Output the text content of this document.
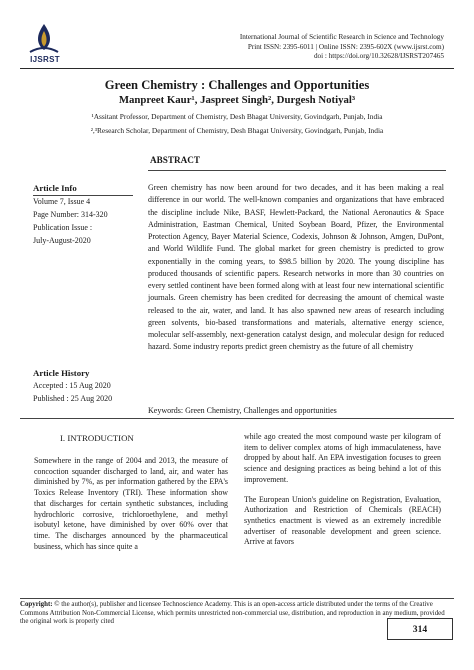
IJSRST
International Journal of Scientific Research in Science and Technology
Print ISSN: 2395-6011 | Online ISSN: 2395-602X (www.ijsrst.com)
doi : https://doi.org/10.32628/IJSRST207465
Green Chemistry : Challenges and Opportunities
Manpreet Kaur¹, Jaspreet Singh², Durgesh Notiyal³
¹Assitant Professor, Department of Chemistry, Desh Bhagat University, Govindgarh, Punjab, India
²,³Research Scholar, Department of Chemistry, Desh Bhagat University, Govindgarh, Punjab, India
ABSTRACT
Article Info
Volume 7, Issue 4
Page Number: 314-320
Publication Issue :
July-August-2020
Article History
Accepted : 15 Aug 2020
Published : 25 Aug 2020
Green chemistry has now been around for two decades, and it has been making a real difference in our world. The well-known companies and organizations that have embraced the discipline include Nike, BASF, Hewlett-Packard, the National Aeronautics & Space Administration, Eastman Chemical, United Soybean Board, Pfizer, the Environmental Protection Agency, Bayer Material Science, Codexis, Johnson & Johnson, Amgen, DuPont, and World Wildlife Fund. The global market for green chemistry is predicted to grow exponentially in the coming years, to $98.5 billion by 2020. The young discipline has produced thousands of scientific papers. Research networks in more than 30 countries on every settled continent have been formed along with at least four new international scientific journals. Green chemistry has been credited for decreasing the amount of chemical waste released to the air, water, and land. It has also spawned new areas of research including green solvents, bio-based transformations and materials, alternative energy science, molecular self-assembly, next-generation catalyst design, and molecular design for reduced hazard. Some industry reports predict green chemistry as the future of all chemistry
Keywords: Green Chemistry, Challenges and opportunities
I. INTRODUCTION

Somewhere in the range of 2004 and 2013, the measure of concoction squander discharged to land, air, and water has diminished by 7%, as per information gathered by the EPA's Toxics Release Inventory (TRI). These information show that discharges for certain synthetic substances, including hydrochloric corrosive, trichloroethylene, and methyl isobutyl ketone, have diminished by over 60% over that time. The discharges announced by the pharmaceutical business, which has since quite a

while ago created the most compound waste per kilogram of item to deliver complex atoms of high immaculateness, have dropped by about half. An EPA investigation focuses to green science and designing practices as being behind a lot of this improvement.

The European Union's guideline on Registration, Evaluation, Authorization and Restriction of Chemicals (REACH) synthetics enactment is viewed as an extremely incredible advertiser of reasonable development and green science. Arrive at favors

Copyright: © the author(s), publisher and licensee Technoscience Academy. This is an open-access article distributed under the terms of the Creative Commons Attribution Non-Commercial License, which permits unrestricted non-commercial use, distribution, and reproduction in any medium, provided the original work is properly cited
314
